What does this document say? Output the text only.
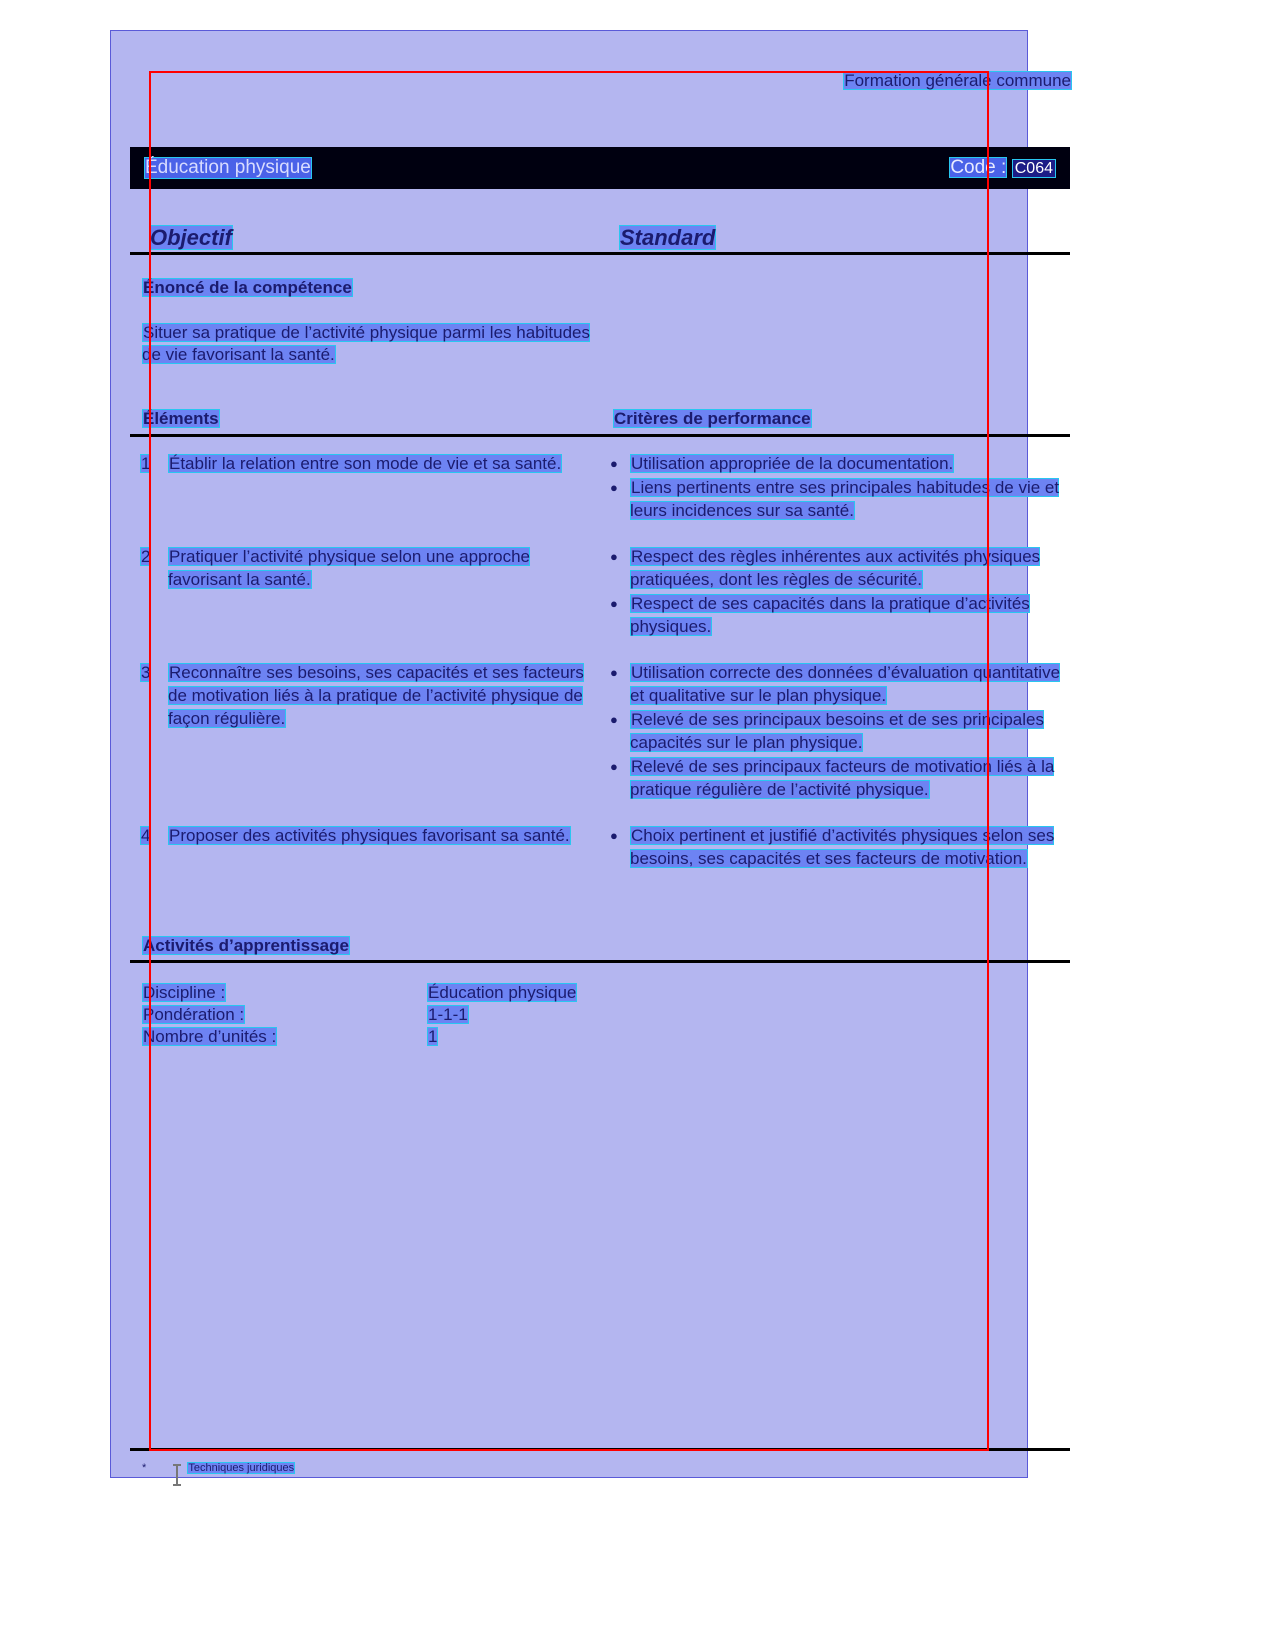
Formation générale commune
Éducation physique	Code : C064
Objectif	Standard
Énoncé de la compétence
Situer sa pratique de l’activité physique parmi les habitudes de vie favorisant la santé.
Éléments	Critères de performance
1	Établir la relation entre son mode de vie et sa santé.	● Utilisation appropriée de la documentation.
● Liens pertinents entre ses principales habitudes de vie et leurs incidences sur sa santé.
2	Pratiquer l’activité physique selon une approche favorisant la santé.
● Respect des règles inhérentes aux activités physiques pratiquées, dont les règles de sécurité.
● Respect de ses capacités dans la pratique d’activités physiques.
3	Reconnaître ses besoins, ses capacités et ses facteurs de motivation liés à la pratique de l’activité physique de façon régulière.
● Utilisation correcte des données d’évaluation quantitative et qualitative sur le plan physique.
● Relevé de ses principaux besoins et de ses principales capacités sur le plan physique.
● Relevé de ses principaux facteurs de motivation liés à la pratique régulière de l’activité physique.
4	Proposer des activités physiques favorisant sa santé.	● Choix pertinent et justifié d’activités physiques selon ses besoins, ses capacités et ses facteurs de motivation.
Activités d’apprentissage
Discipline :	Éducation physique
Pondération :	1-1-1
Nombre d’unités :	1
*	Techniques juridiques
